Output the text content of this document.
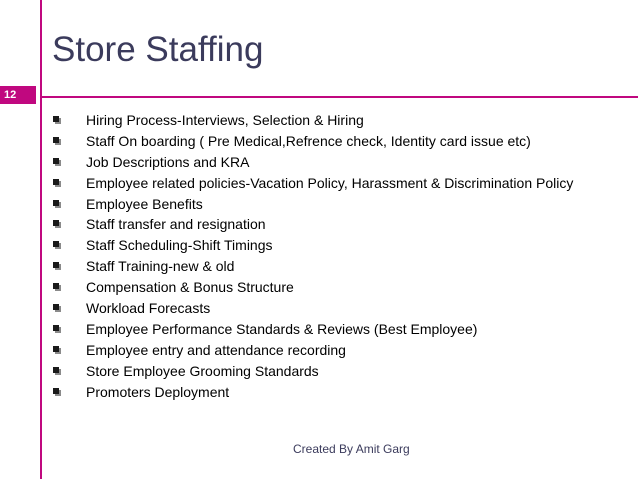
Store Staffing
12
Hiring Process-Interviews, Selection & Hiring
Staff On boarding ( Pre Medical,Refrence check, Identity card issue etc)
Job Descriptions and KRA
Employee related policies-Vacation Policy, Harassment & Discrimination Policy
Employee Benefits
Staff transfer and resignation
Staff Scheduling-Shift Timings
Staff Training-new & old
Compensation & Bonus Structure
Workload Forecasts
Employee Performance Standards & Reviews (Best Employee)
Employee entry and attendance recording
Store Employee Grooming Standards
Promoters Deployment
Created By Amit Garg
